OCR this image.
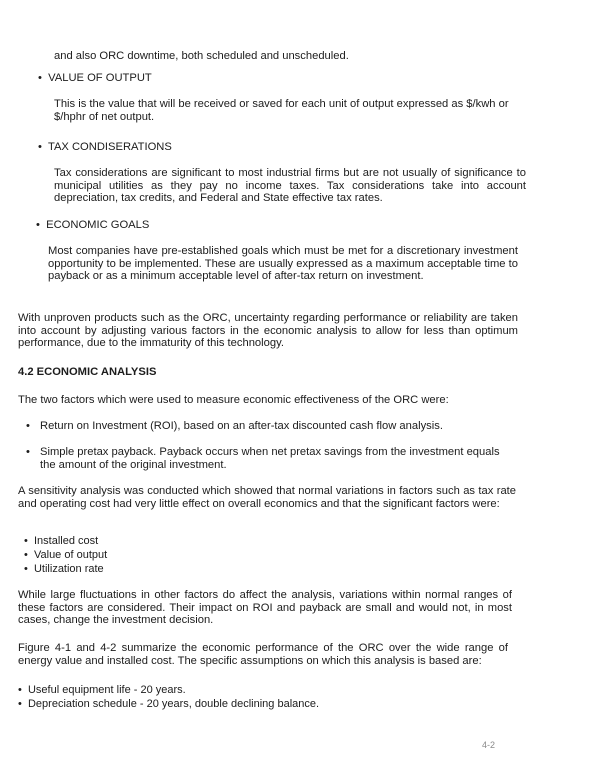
and also ORC downtime, both scheduled and unscheduled.
• VALUE OF OUTPUT
This is the value that will be received or saved for each unit of output expressed as $/kwh or $/hphr of net output.
• TAX CONDISERATIONS
Tax considerations are significant to most industrial firms but are not usually of significance to municipal utilities as they pay no income taxes. Tax considerations take into account depreciation, tax credits, and Federal and State effective tax rates.
• ECONOMIC GOALS
Most companies have pre-established goals which must be met for a discretionary investment opportunity to be implemented. These are usually expressed as a maximum acceptable time to payback or as a minimum acceptable level of after-tax return on investment.
With unproven products such as the ORC, uncertainty regarding performance or reliability are taken into account by adjusting various factors in the economic analysis to allow for less than optimum performance, due to the immaturity of this technology.
4.2 ECONOMIC ANALYSIS
The two factors which were used to measure economic effectiveness of the ORC were:
• Return on Investment (ROI), based on an after-tax discounted cash flow analysis.
• Simple pretax payback. Payback occurs when net pretax savings from the investment equals the amount of the original investment.
A sensitivity analysis was conducted which showed that normal variations in factors such as tax rate and operating cost had very little effect on overall economics and that the significant factors were:
• Installed cost
• Value of output
• Utilization rate
While large fluctuations in other factors do affect the analysis, variations within normal ranges of these factors are considered. Their impact on ROI and payback are small and would not, in most cases, change the investment decision.
Figure 4-1 and 4-2 summarize the economic performance of the ORC over the wide range of energy value and installed cost. The specific assumptions on which this analysis is based are:
• Useful equipment life - 20 years.
• Depreciation schedule - 20 years, double declining balance.
4-2
